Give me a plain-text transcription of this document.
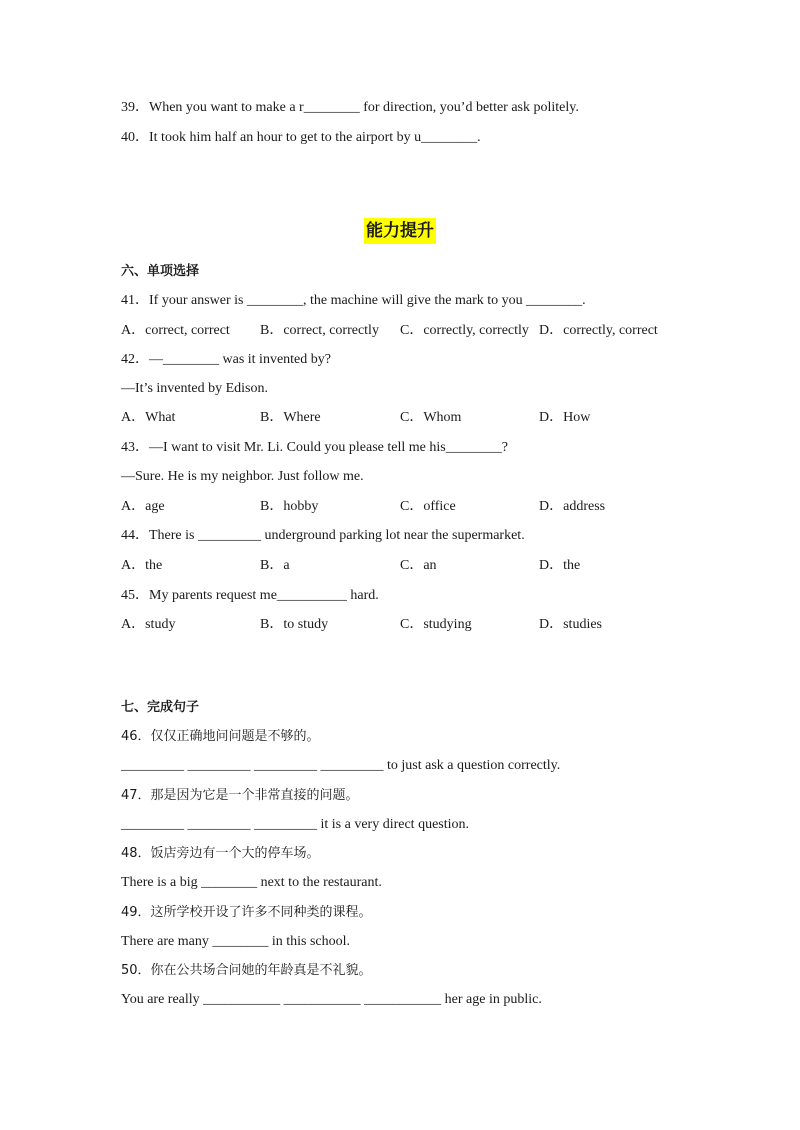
39．When you want to make a r________ for direction, you’d better ask politely.
40．It took him half an hour to get to the airport by u________.
能力提升
六、单项选择
41．If your answer is ________, the machine will give the mark to you ________.
A．correct, correct B．correct, correctly C．correctly, correctly D．correctly, correct
42．—________ was it invented by?
—It’s invented by Edison.
A．What	B．Where	C．Whom	D．How
43．—I want to visit Mr. Li. Could you please tell me his________?
—Sure. He is my neighbor. Just follow me.
A．age	B．hobby	C．office	D．address
44．There is _________ underground parking lot near the supermarket.
A．the	B．a	C．an	D．the
45．My parents request me__________ hard.
A．study	B．to study	C．studying	D．studies
七、完成句子
46．仅仅正确地问问题是不够的。
_________ _________ _________ _________ to just ask a question correctly.
47．那是因为它是一个非常直接的问题。
_________ _________ _________ it is a very direct question.
48．饭店旁边有一个大的停车场。
There is a big ________ next to the restaurant.
49．这所学校开设了许多不同种类的课程。
There are many ________ in this school.
50．你在公共场合问她的年龄真是不礼貌。
You are really ___________ ___________ ___________ her age in public.
